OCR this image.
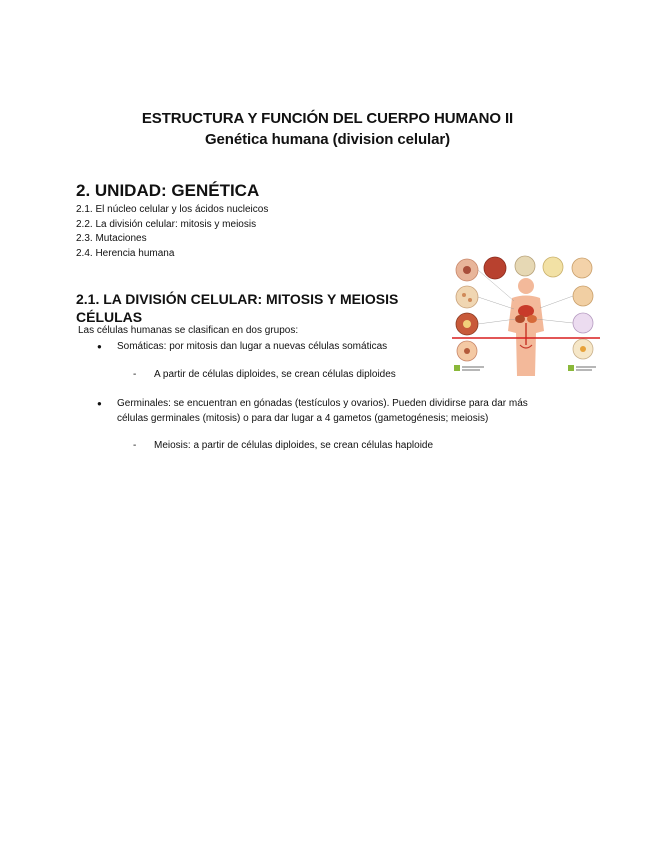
ESTRUCTURA Y FUNCIÓN DEL CUERPO HUMANO II
Genética humana (division celular)
2. UNIDAD: GENÉTICA
2.1. El núcleo celular y los ácidos nucleicos
2.2. La división celular: mitosis y meiosis
2.3. Mutaciones
2.4. Herencia humana
2.1. LA DIVISIÓN CELULAR: MITOSIS Y MEIOSIS
CÉLULAS

Las células humanas se clasifican en dos grupos:

● Somáticas: por mitosis dan lugar a nuevas células somáticas
- A partir de células diploides, se crean células diploides
● Germinales: se encuentran en gónadas (testículos y ovarios). Pueden dividirse para dar más
células germinales (mitosis) o para dar lugar a 4 gametos (gametogénesis; meiosis)
- Meiosis: a partir de células diploides, se crean células haploide
